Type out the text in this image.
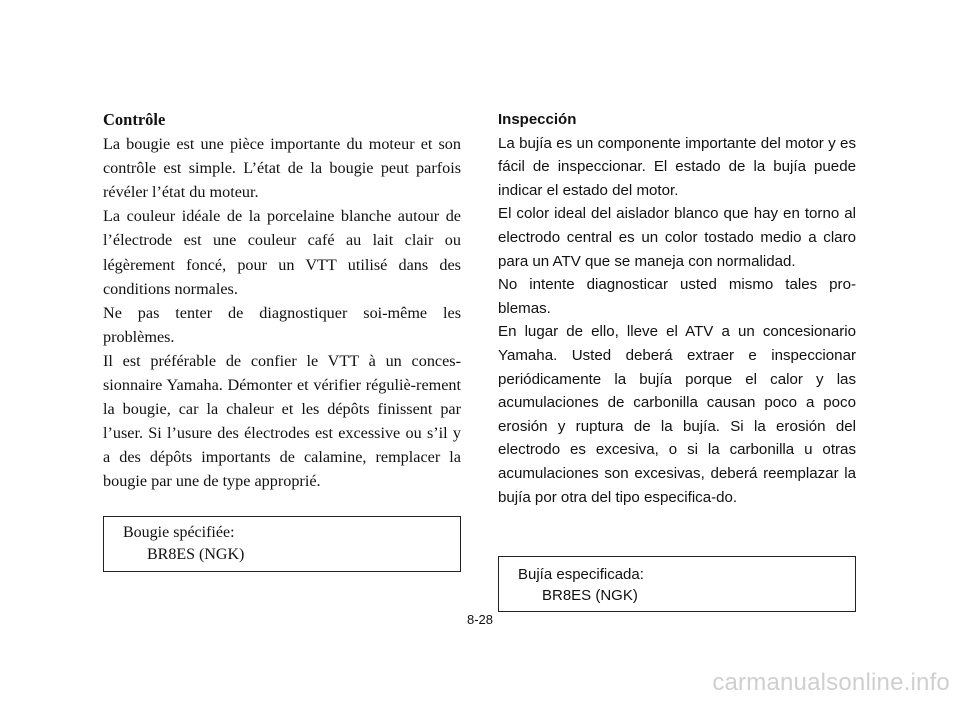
Contrôle

La bougie est une pièce importante du moteur et son contrôle est simple. L’état de la bougie peut parfois révéler l’état du moteur.

La couleur idéale de la porcelaine blanche autour de l’électrode est une couleur café au lait clair ou légèrement foncé, pour un VTT utilisé dans des conditions normales.

Ne pas tenter de diagnostiquer soi-même les problèmes.

Il est préférable de confier le VTT à un conces-sionnaire Yamaha. Démonter et vérifier réguliè-rement la bougie, car la chaleur et les dépôts finissent par l’user. Si l’usure des électrodes est excessive ou s’il y a des dépôts importants de calamine, remplacer la bougie par une de type approprié.

Bougie spécifiée:
BR8ES (NGK)

Inspección

La bujía es un componente importante del motor y es fácil de inspeccionar. El estado de la bujía puede indicar el estado del motor.

El color ideal del aislador blanco que hay en torno al electrodo central es un color tostado medio a claro para un ATV que se maneja con normalidad.

No intente diagnosticar usted mismo tales pro-blemas.

En lugar de ello, lleve el ATV a un concesionario Yamaha. Usted deberá extraer e inspeccionar periódicamente la bujía porque el calor y las acumulaciones de carbonilla causan poco a poco erosión y ruptura de la bujía. Si la erosión del electrodo es excesiva, o si la carbonilla u otras acumulaciones son excesivas, deberá reemplazar la bujía por otra del tipo especifica-do.

Bujía especificada:
BR8ES (NGK)
8-28
carmanualsonline.info
